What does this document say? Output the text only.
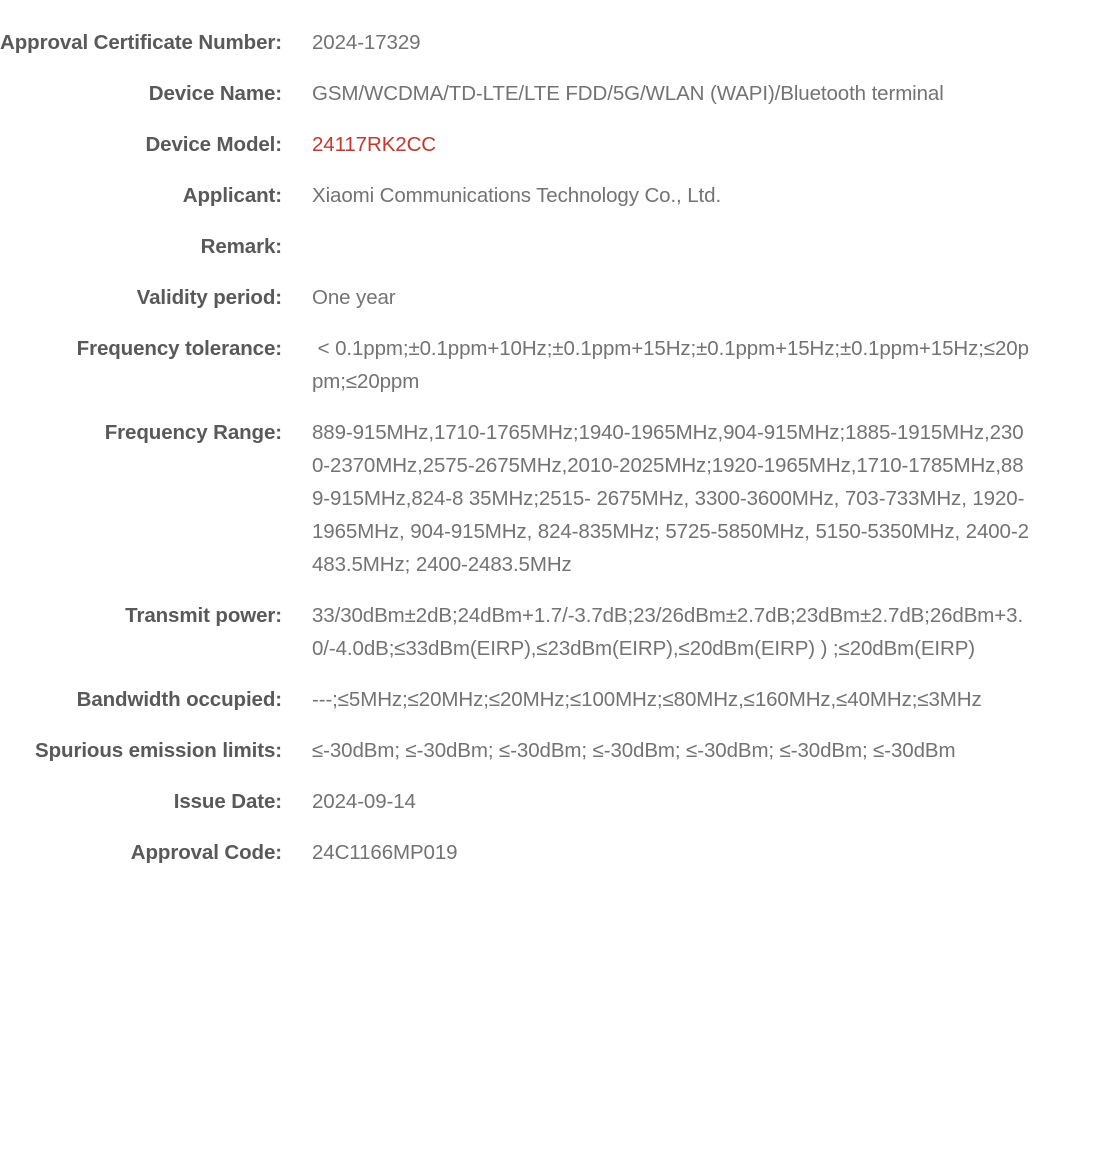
Approval Certificate Number:	2024-17329
Device Name:	GSM/WCDMA/TD-LTE/LTE FDD/5G/WLAN (WAPI)/Bluetooth terminal
Device Model:	24117RK2CC
Applicant:	Xiaomi Communications Technology Co., Ltd.
Remark:
Validity period:	One year
Frequency tolerance:	< 0.1ppm;±0.1ppm+10Hz;±0.1ppm+15Hz;±0.1ppm+15Hz;±0.1ppm+15Hz;≤20ppm;≤20ppm
Frequency Range:	889-915MHz,1710-1765MHz;1940-1965MHz,904-915MHz;1885-1915MHz,2300-2370MHz,2575-2675MHz,2010-2025MHz;1920-1965MHz,1710-1785MHz,889-915MHz,824-8 35MHz;2515- 2675MHz, 3300-3600MHz, 703-733MHz, 1920-1965MHz, 904-915MHz, 824-835MHz; 5725-5850MHz, 5150-5350MHz, 2400-2483.5MHz; 2400-2483.5MHz
Transmit power:	33/30dBm±2dB;24dBm+1.7/-3.7dB;23/26dBm±2.7dB;23dBm±2.7dB;26dBm+3.0/-4.0dB;≤33dBm(EIRP),≤23dBm(EIRP),≤20dBm(EIRP) ) ;≤20dBm(EIRP)
Bandwidth occupied:	---;≤5MHz;≤20MHz;≤20MHz;≤100MHz;≤80MHz,≤160MHz,≤40MHz;≤3MHz
Spurious emission limits:	≤-30dBm; ≤-30dBm; ≤-30dBm; ≤-30dBm; ≤-30dBm; ≤-30dBm; ≤-30dBm
Issue Date:	2024-09-14
Approval Code:	24C1166MP019
